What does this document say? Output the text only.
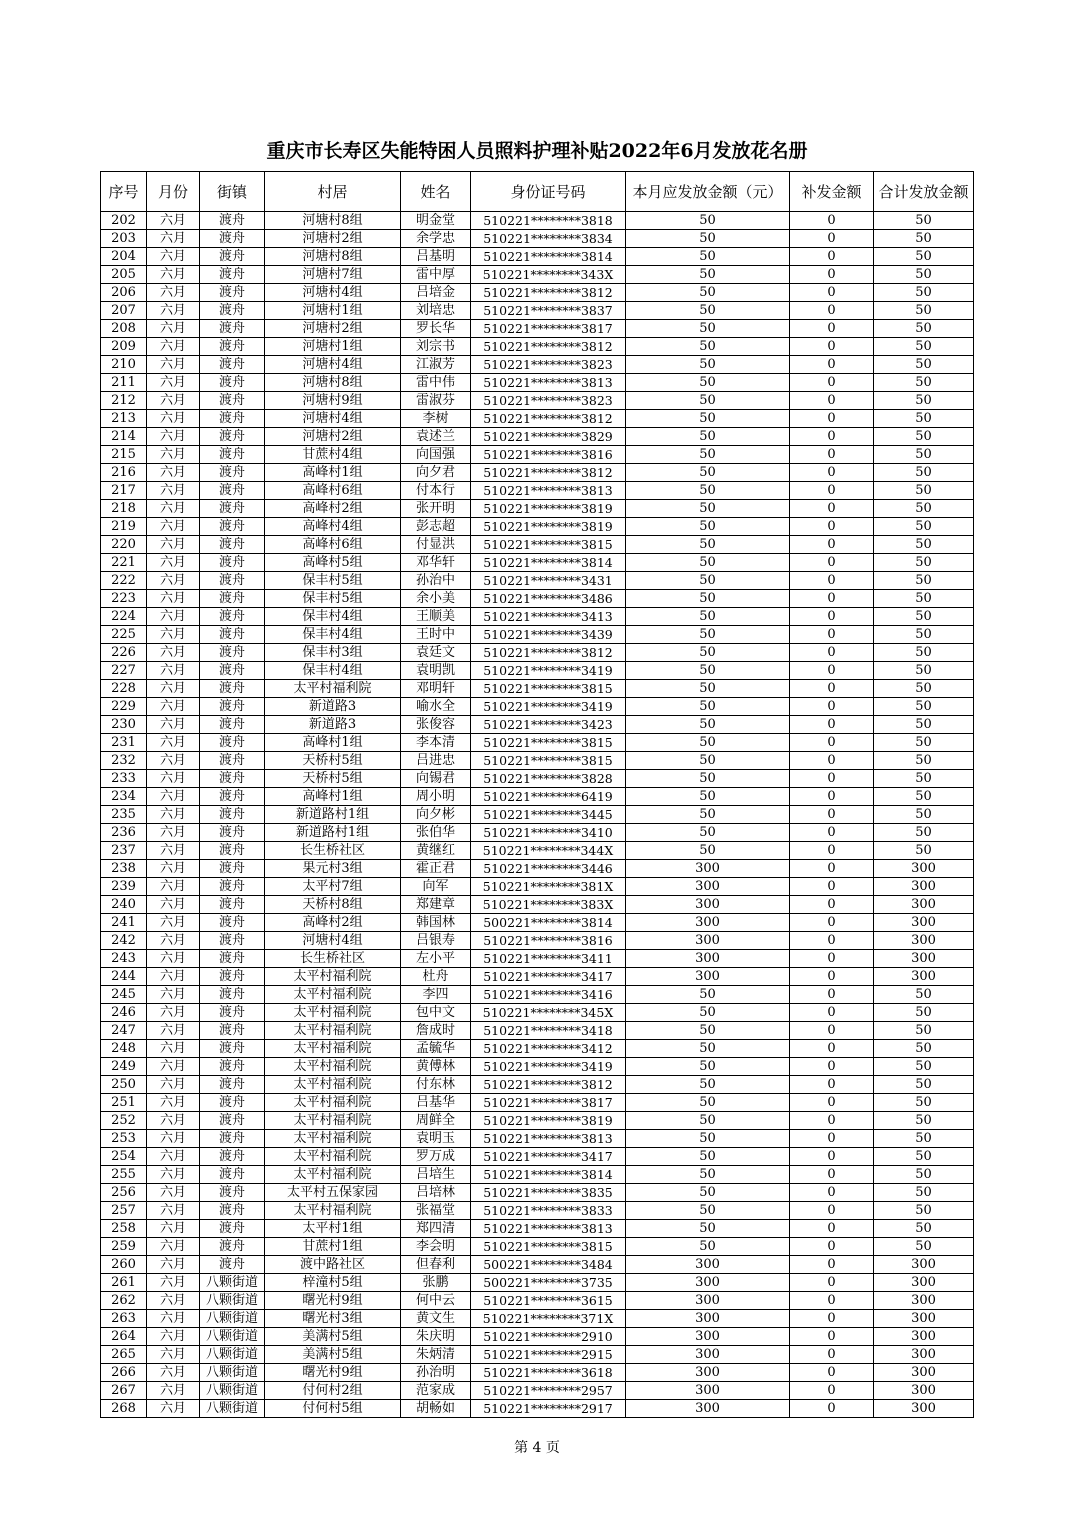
重庆市长寿区失能特困人员照料护理补贴2022年6月发放花名册
序号	月份	街镇	村居	姓名	身份证号码	本月应发放金额（元）	补发金额	合计发放金额
202	六月	渡舟	河塘村8组	明金堂	510221********3818	50	0	50
203	六月	渡舟	河塘村2组	余学忠	510221********3834	50	0	50
204	六月	渡舟	河塘村8组	吕基明	510221********3814	50	0	50
205	六月	渡舟	河塘村7组	雷中厚	510221********343X	50	0	50
206	六月	渡舟	河塘村4组	吕培金	510221********3812	50	0	50
207	六月	渡舟	河塘村1组	刘培忠	510221********3837	50	0	50
208	六月	渡舟	河塘村2组	罗长华	510221********3817	50	0	50
209	六月	渡舟	河塘村1组	刘宗书	510221********3812	50	0	50
210	六月	渡舟	河塘村4组	江淑芳	510221********3823	50	0	50
211	六月	渡舟	河塘村8组	雷中伟	510221********3813	50	0	50
212	六月	渡舟	河塘村9组	雷淑芬	510221********3823	50	0	50
213	六月	渡舟	河塘村4组	李树	510221********3812	50	0	50
214	六月	渡舟	河塘村2组	袁述兰	510221********3829	50	0	50
215	六月	渡舟	甘蔗村4组	向国强	510221********3816	50	0	50
216	六月	渡舟	高峰村1组	向夕君	510221********3812	50	0	50
217	六月	渡舟	高峰村6组	付本行	510221********3813	50	0	50
218	六月	渡舟	高峰村2组	张开明	510221********3819	50	0	50
219	六月	渡舟	高峰村4组	彭志超	510221********3819	50	0	50
220	六月	渡舟	高峰村6组	付显洪	510221********3815	50	0	50
221	六月	渡舟	高峰村5组	邓华轩	510221********3814	50	0	50
222	六月	渡舟	保丰村5组	孙治中	510221********3431	50	0	50
223	六月	渡舟	保丰村5组	余小美	510221********3486	50	0	50
224	六月	渡舟	保丰村4组	王顺美	510221********3413	50	0	50
225	六月	渡舟	保丰村4组	王时中	510221********3439	50	0	50
226	六月	渡舟	保丰村3组	袁廷文	510221********3812	50	0	50
227	六月	渡舟	保丰村4组	袁明凯	510221********3419	50	0	50
228	六月	渡舟	太平村福利院	邓明轩	510221********3815	50	0	50
229	六月	渡舟	新道路3	喻水全	510221********3419	50	0	50
230	六月	渡舟	新道路3	张俊容	510221********3423	50	0	50
231	六月	渡舟	高峰村1组	李本清	510221********3815	50	0	50
232	六月	渡舟	天桥村5组	吕进忠	510221********3815	50	0	50
233	六月	渡舟	天桥村5组	向锡君	510221********3828	50	0	50
234	六月	渡舟	高峰村1组	周小明	510221********6419	50	0	50
235	六月	渡舟	新道路村1组	向夕彬	510221********3445	50	0	50
236	六月	渡舟	新道路村1组	张伯华	510221********3410	50	0	50
237	六月	渡舟	长生桥社区	黄继红	510221********344X	50	0	50
238	六月	渡舟	果元村3组	霍正君	510221********3446	300	0	300
239	六月	渡舟	太平村7组	向军	510221********381X	300	0	300
240	六月	渡舟	天桥村8组	郑建章	510221********383X	300	0	300
241	六月	渡舟	高峰村2组	韩国林	500221********3814	300	0	300
242	六月	渡舟	河塘村4组	吕银寿	510221********3816	300	0	300
243	六月	渡舟	长生桥社区	左小平	510221********3411	300	0	300
244	六月	渡舟	太平村福利院	杜舟	510221********3417	300	0	300
245	六月	渡舟	太平村福利院	李四	510221********3416	50	0	50
246	六月	渡舟	太平村福利院	包中文	510221********345X	50	0	50
247	六月	渡舟	太平村福利院	詹成时	510221********3418	50	0	50
248	六月	渡舟	太平村福利院	孟毓华	510221********3412	50	0	50
249	六月	渡舟	太平村福利院	黄傅林	510221********3419	50	0	50
250	六月	渡舟	太平村福利院	付东林	510221********3812	50	0	50
251	六月	渡舟	太平村福利院	吕基华	510221********3817	50	0	50
252	六月	渡舟	太平村福利院	周鲜全	510221********3819	50	0	50
253	六月	渡舟	太平村福利院	袁明玉	510221********3813	50	0	50
254	六月	渡舟	太平村福利院	罗万成	510221********3417	50	0	50
255	六月	渡舟	太平村福利院	吕培生	510221********3814	50	0	50
256	六月	渡舟	太平村五保家园	吕培林	510221********3835	50	0	50
257	六月	渡舟	太平村福利院	张福堂	510221********3833	50	0	50
258	六月	渡舟	太平村1组	郑四清	510221********3813	50	0	50
259	六月	渡舟	甘蔗村1组	李会明	510221********3815	50	0	50
260	六月	渡舟	渡中路社区	但春利	500221********3484	300	0	300
261	六月	八颗街道	梓潼村5组	张鹏	500221********3735	300	0	300
262	六月	八颗街道	曙光村9组	何中云	510221********3615	300	0	300
263	六月	八颗街道	曙光村3组	黄文生	510221********371X	300	0	300
264	六月	八颗街道	美满村5组	朱庆明	510221********2910	300	0	300
265	六月	八颗街道	美满村5组	朱炳清	510221********2915	300	0	300
266	六月	八颗街道	曙光村9组	孙治明	510221********3618	300	0	300
267	六月	八颗街道	付何村2组	范家成	510221********2957	300	0	300
268	六月	八颗街道	付何村5组	胡畅如	510221********2917	300	0	300
第 4 页
